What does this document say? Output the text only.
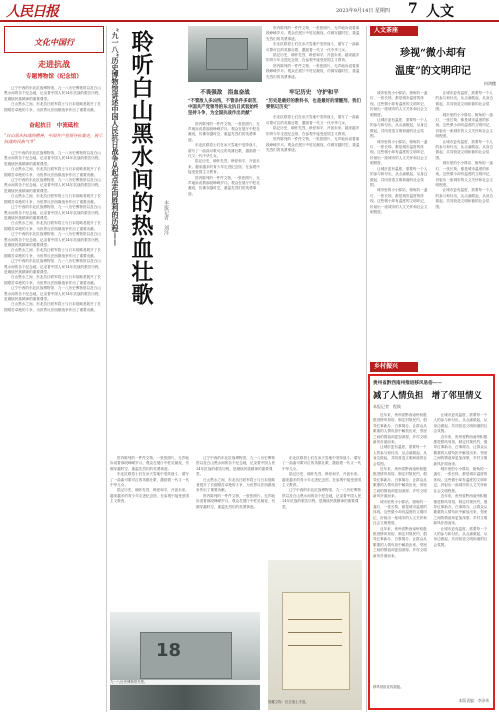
人民日报	2023年9月14日 星期四 7 人文
文化中国行
走进抗战
专题博物馆（纪念馆）

辽宁中西的东北抗战博物馆、九一八历史博物馆以及白山黑水间的各个纪念地，记录着中国人民14年抗战的艰苦历程，是赓续民族精神的重要课堂。

白山黑水之间，东北抗日联军将士与日本侵略者展开了长期艰苦卓绝的斗争，为世界反法西斯战争作出了重要贡献。

奋起抗日　中流砥柱
“白山黑水抗战的精神，中国共产党领导抗战史，展示抗战的民族气节”

辽宁中西的东北抗战博物馆、九一八历史博物馆以及白山黑水间的各个纪念地，记录着中国人民14年抗战的艰苦历程，是赓续民族精神的重要课堂。

白山黑水之间，东北抗日联军将士与日本侵略者展开了长期艰苦卓绝的斗争，为世界反法西斯战争作出了重要贡献。

辽宁中西的东北抗战博物馆、九一八历史博物馆以及白山黑水间的各个纪念地，记录着中国人民14年抗战的艰苦历程，是赓续民族精神的重要课堂。

白山黑水之间，东北抗日联军将士与日本侵略者展开了长期艰苦卓绝的斗争，为世界反法西斯战争作出了重要贡献。

辽宁中西的东北抗战博物馆、九一八历史博物馆以及白山黑水间的各个纪念地，记录着中国人民14年抗战的艰苦历程，是赓续民族精神的重要课堂。

白山黑水之间，东北抗日联军将士与日本侵略者展开了长期艰苦卓绝的斗争，为世界反法西斯战争作出了重要贡献。

辽宁中西的东北抗战博物馆、九一八历史博物馆以及白山黑水间的各个纪念地，记录着中国人民14年抗战的艰苦历程，是赓续民族精神的重要课堂。

白山黑水之间，东北抗日联军将士与日本侵略者展开了长期艰苦卓绝的斗争，为世界反法西斯战争作出了重要贡献。

辽宁中西的东北抗战博物馆、九一八历史博物馆以及白山黑水间的各个纪念地，记录着中国人民14年抗战的艰苦历程，是赓续民族精神的重要课堂。

白山黑水之间，东北抗日联军将士与日本侵略者展开了长期艰苦卓绝的斗争，为世界反法西斯战争作出了重要贡献。

辽宁中西的东北抗战博物馆、九一八历史博物馆以及白山黑水间的各个纪念地，记录着中国人民14年抗战的艰苦历程，是赓续民族精神的重要课堂。

白山黑水之间，东北抗日联军将士与日本侵略者展开了长期艰苦卓绝的斗争，为世界反法西斯战争作出了重要贡献。

“九一八”历史博物馆讲述中国人民抗日战争从起点走向胜利的历程—— 聆听白山黑水间的热血壮歌	本报记者　刘洋
不畏强敌　浴血奋战
“不管敌人多凶残，不管条件多艰苦，中国共产党领导的东北抗日武装始终坚持斗争，为全国抗战作出贡献”

馆内陈列的一件件文物，一张张照片，无声地诉说着那段峥嵘岁月。观众在展厅中驻足凝视，仿佛穿越时空，重温先烈们的英勇事迹。

东北抗联将士们在冰天雪地中坚持战斗，谱写了一曲曲可歌可泣的英雄壮歌，激励着一代又一代中华儿女。

铭记历史，缅怀先烈，珍爱和平，开创未来。越来越多的青少年走进纪念馆，在参观中接受爱国主义教育。

馆内陈列的一件件文物，一张张照片，无声地诉说着那段峥嵘岁月。观众在展厅中驻足凝视，仿佛穿越时空，重温先烈们的英勇事迹。

馆内陈列的一件件文物，一张张照片，无声地诉说着那段峥嵘岁月。观众在展厅中驻足凝视，仿佛穿越时空，重温先烈们的英勇事迹。

东北抗联将士们在冰天雪地中坚持战斗，谱写了一曲曲可歌可泣的英雄壮歌，激励着一代又一代中华儿女。

铭记历史，缅怀先烈，珍爱和平，开创未来。越来越多的青少年走进纪念馆，在参观中接受爱国主义教育。

馆内陈列的一件件文物，一张张照片，无声地诉说着那段峥嵘岁月。观众在展厅中驻足凝视，仿佛穿越时空，重温先烈们的英勇事迹。

牢记历史　守护和平
“历史是最好的教科书，也是最好的清醒剂，我们要铭记历史”

东北抗联将士们在冰天雪地中坚持战斗，谱写了一曲曲可歌可泣的英雄壮歌，激励着一代又一代中华儿女。

铭记历史，缅怀先烈，珍爱和平，开创未来。越来越多的青少年走进纪念馆，在参观中接受爱国主义教育。

馆内陈列的一件件文物，一张张照片，无声地诉说着那段峥嵘岁月。观众在展厅中驻足凝视，仿佛穿越时空，重温先烈们的英勇事迹。

馆内陈列的一件件文物，一张张照片，无声地诉说着那段峥嵘岁月。观众在展厅中驻足凝视，仿佛穿越时空，重温先烈们的英勇事迹。

东北抗联将士们在冰天雪地中坚持战斗，谱写了一曲曲可歌可泣的英雄壮歌，激励着一代又一代中华儿女。

铭记历史，缅怀先烈，珍爱和平，开创未来。越来越多的青少年走进纪念馆，在参观中接受爱国主义教育。

辽宁中西的东北抗战博物馆、九一八历史博物馆以及白山黑水间的各个纪念地，记录着中国人民14年抗战的艰苦历程，是赓续民族精神的重要课堂。

白山黑水之间，东北抗日联军将士与日本侵略者展开了长期艰苦卓绝的斗争，为世界反法西斯战争作出了重要贡献。

馆内陈列的一件件文物，一张张照片，无声地诉说着那段峥嵘岁月。观众在展厅中驻足凝视，仿佛穿越时空，重温先烈们的英勇事迹。

东北抗联将士们在冰天雪地中坚持战斗，谱写了一曲曲可歌可泣的英雄壮歌，激励着一代又一代中华儿女。

铭记历史，缅怀先烈，珍爱和平，开创未来。越来越多的青少年走进纪念馆，在参观中接受爱国主义教育。

辽宁中西的东北抗战博物馆、九一八历史博物馆以及白山黑水间的各个纪念地，记录着中国人民14年抗战的艰苦历程，是赓续民族精神的重要课堂。

18
九一八历史博物馆外景。
馆藏文物：抗日战士手迹。
人文茶座
珍视“微小却有
温度”的文明印记
何鸿穗

城市里的小小驿站、街角的一盏灯、一张长椅，都是城市温度的体现。这些微小却有温度的文明印记，折射出一座城市的人文关怀和社会文明程度。

让城市更有温度，需要每一个人的参与和付出，从点滴做起，从身边做起，共同营造文明和谐的社会氛围。

城市里的小小驿站、街角的一盏灯、一张长椅，都是城市温度的体现。这些微小却有温度的文明印记，折射出一座城市的人文关怀和社会文明程度。

让城市更有温度，需要每一个人的参与和付出，从点滴做起，从身边做起，共同营造文明和谐的社会氛围。

城市里的小小驿站、街角的一盏灯、一张长椅，都是城市温度的体现。这些微小却有温度的文明印记，折射出一座城市的人文关怀和社会文明程度。

让城市更有温度，需要每一个人的参与和付出，从点滴做起，从身边做起，共同营造文明和谐的社会氛围。

城市里的小小驿站、街角的一盏灯、一张长椅，都是城市温度的体现。这些微小却有温度的文明印记，折射出一座城市的人文关怀和社会文明程度。

让城市更有温度，需要每一个人的参与和付出，从点滴做起，从身边做起，共同营造文明和谐的社会氛围。

城市里的小小驿站、街角的一盏灯、一张长椅，都是城市温度的体现。这些微小却有温度的文明印记，折射出一座城市的人文关怀和社会文明程度。

让城市更有温度，需要每一个人的参与和付出，从点滴做起，从身边做起，共同营造文明和谐的社会氛围。

乡村振兴
贵州省黔西南州推进移风易俗——
减了人情负担　增了邻里情义
本报记者　程焕

近年来，贵州省黔西南州积极推进移风易俗，制定村规民约，倡导红事新办、白事简办，让群众从繁重的人情负担中解放出来，邻里之间的情谊却更加深厚，乡村文明新风扑面而来。

让城市更有温度，需要每一个人的参与和付出，从点滴做起，从身边做起，共同营造文明和谐的社会氛围。

近年来，贵州省黔西南州积极推进移风易俗，制定村规民约，倡导红事新办、白事简办，让群众从繁重的人情负担中解放出来，邻里之间的情谊却更加深厚，乡村文明新风扑面而来。

城市里的小小驿站、街角的一盏灯、一张长椅，都是城市温度的体现。这些微小却有温度的文明印记，折射出一座城市的人文关怀和社会文明程度。

近年来，贵州省黔西南州积极推进移风易俗，制定村规民约，倡导红事新办、白事简办，让群众从繁重的人情负担中解放出来，邻里之间的情谊却更加深厚，乡村文明新风扑面而来。

让城市更有温度，需要每一个人的参与和付出，从点滴做起，从身边做起，共同营造文明和谐的社会氛围。

近年来，贵州省黔西南州积极推进移风易俗，制定村规民约，倡导红事新办、白事简办，让群众从繁重的人情负担中解放出来，邻里之间的情谊却更加深厚，乡村文明新风扑面而来。

城市里的小小驿站、街角的一盏灯、一张长椅，都是城市温度的体现。这些微小却有温度的文明印记，折射出一座城市的人文关怀和社会文明程度。

近年来，贵州省黔西南州积极推进移风易俗，制定村规民约，倡导红事新办、白事简办，让群众从繁重的人情负担中解放出来，邻里之间的情谊却更加深厚，乡村文明新风扑面而来。

让城市更有温度，需要每一个人的参与和付出，从点滴做起，从身边做起，共同营造文明和谐的社会氛围。

移风易俗宣传展板。
本版责编：李泽伟
